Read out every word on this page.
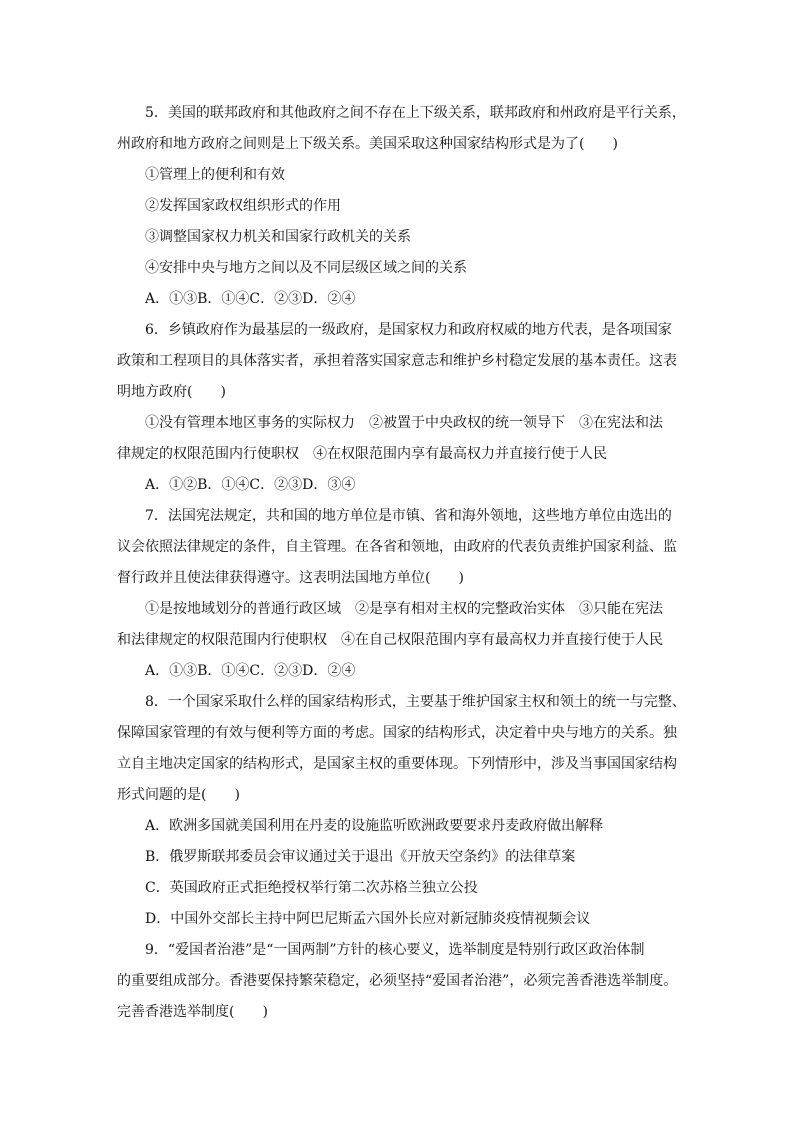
5．美国的联邦政府和其他政府之间不存在上下级关系，联邦政府和州政府是平行关系，
州政府和地方政府之间则是上下级关系。美国采取这种国家结构形式是为了(　　)
①管理上的便利和有效
②发挥国家政权组织形式的作用
③调整国家权力机关和国家行政机关的关系
④安排中央与地方之间以及不同层级区域之间的关系
A．①③B．①④C．②③D．②④
6．乡镇政府作为最基层的一级政府，是国家权力和政府权威的地方代表，是各项国家
政策和工程项目的具体落实者，承担着落实国家意志和维护乡村稳定发展的基本责任。这表
明地方政府(　　)
①没有管理本地区事务的实际权力　②被置于中央政权的统一领导下　③在宪法和法
律规定的权限范围内行使职权　④在权限范围内享有最高权力并直接行使于人民
A．①②B．①④C．②③D．③④
7．法国宪法规定，共和国的地方单位是市镇、省和海外领地，这些地方单位由选出的
议会依照法律规定的条件，自主管理。在各省和领地，由政府的代表负责维护国家利益、监
督行政并且使法律获得遵守。这表明法国地方单位(　　)
①是按地域划分的普通行政区域　②是享有相对主权的完整政治实体　③只能在宪法
和法律规定的权限范围内行使职权　④在自己权限范围内享有最高权力并直接行使于人民
A．①③B．①④C．②③D．②④
8．一个国家采取什么样的国家结构形式，主要基于维护国家主权和领土的统一与完整、
保障国家管理的有效与便利等方面的考虑。国家的结构形式，决定着中央与地方的关系。独
立自主地决定国家的结构形式，是国家主权的重要体现。下列情形中，涉及当事国国家结构
形式问题的是(　　)
A．欧洲多国就美国利用在丹麦的设施监听欧洲政要要求丹麦政府做出解释
B．俄罗斯联邦委员会审议通过关于退出《开放天空条约》的法律草案
C．英国政府正式拒绝授权举行第二次苏格兰独立公投
D．中国外交部长主持中阿巴尼斯孟六国外长应对新冠肺炎疫情视频会议
9．“爱国者治港”是“一国两制”方针的核心要义，选举制度是特别行政区政治体制
的重要组成部分。香港要保持繁荣稳定，必须坚持“爱国者治港”，必须完善香港选举制度。
完善香港选举制度(　　)
